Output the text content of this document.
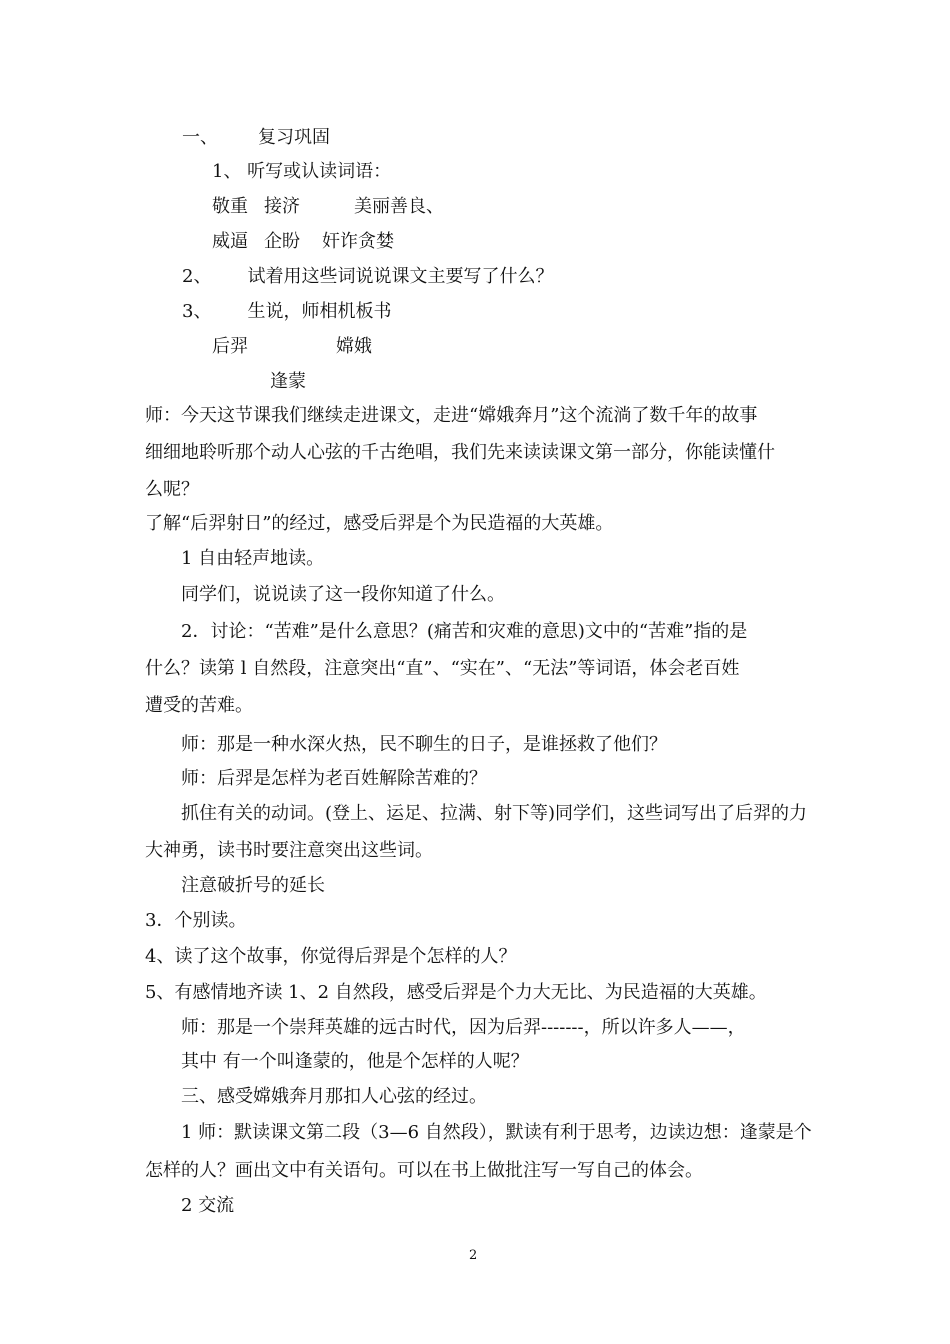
一、 复习巩固
1、 听写或认读词语：
敬重 接济	美丽善良、
威逼 企盼 奸诈贪婪
2、 试着用这些词说说课文主要写了什么？
3、 生说，师相机板书
后羿	嫦娥
逢蒙
师：今天这节课我们继续走进课文，走进“嫦娥奔月”这个流淌了数千年的故事
细细地聆听那个动人心弦的千古绝唱，我们先来读读课文第一部分，你能读懂什
么呢？
了解“后羿射日”的经过，感受后羿是个为民造福的大英雄。
1 自由轻声地读。
同学们，说说读了这一段你知道了什么。
2．讨论：“苦难”是什么意思？(痛苦和灾难的意思)文中的“苦难”指的是
什么？读第 l 自然段，注意突出“直”、“实在”、“无法”等词语，体会老百姓
遭受的苦难。
师：那是一种水深火热，民不聊生的日子，是谁拯救了他们？
师：后羿是怎样为老百姓解除苦难的？
抓住有关的动词。(登上、运足、拉满、射下等)同学们，这些词写出了后羿的力
大神勇，读书时要注意突出这些词。
注意破折号的延长
3．个别读。
4、读了这个故事，你觉得后羿是个怎样的人？
5、有感情地齐读 1、2 自然段，感受后羿是个力大无比、为民造福的大英雄。
师：那是一个崇拜英雄的远古时代，因为后羿-------，所以许多人——，
其中 有一个叫逢蒙的，他是个怎样的人呢？
三、感受嫦娥奔月那扣人心弦的经过。
1 师：默读课文第二段（3—6 自然段），默读有利于思考，边读边想：逢蒙是个
怎样的人？画出文中有关语句。可以在书上做批注写一写自己的体会。
2 交流
2
